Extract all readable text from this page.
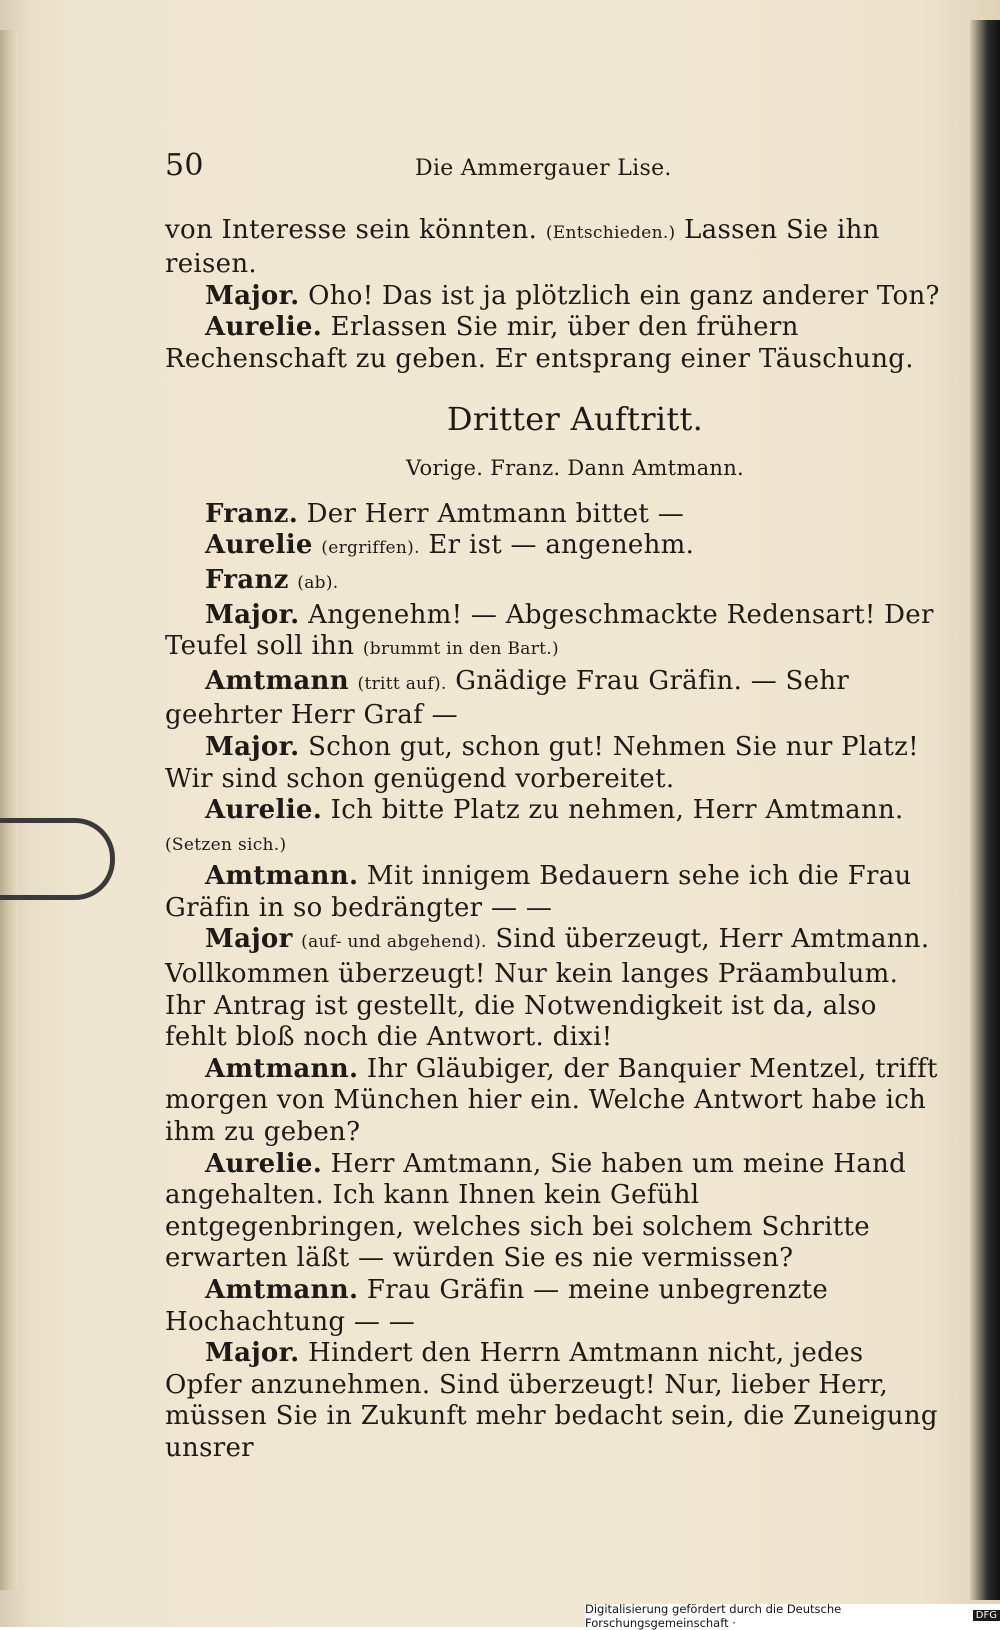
50	Die Ammergauer Lise.

von Interesse sein könnten. (Entschieden.) Lassen Sie ihn reisen.

Major. Oho! Das ist ja plötzlich ein ganz anderer Ton?

Aurelie. Erlassen Sie mir, über den frühern Rechenschaft zu geben. Er entsprang einer Täuschung.

Dritter Auftritt.
Vorige. Franz. Dann Amtmann.

Franz. Der Herr Amtmann bittet —

Aurelie (ergriffen). Er ist — angenehm.

Franz (ab).

Major. Angenehm! — Abgeschmackte Redensart! Der Teufel soll ihn (brummt in den Bart.)

Amtmann (tritt auf). Gnädige Frau Gräfin. — Sehr geehrter Herr Graf —

Major. Schon gut, schon gut! Nehmen Sie nur Platz! Wir sind schon genügend vorbereitet.

Aurelie. Ich bitte Platz zu nehmen, Herr Amtmann. (Setzen sich.)

Amtmann. Mit innigem Bedauern sehe ich die Frau Gräfin in so bedrängter — —

Major (auf- und abgehend). Sind überzeugt, Herr Amtmann. Vollkommen überzeugt! Nur kein langes Präambulum. Ihr Antrag ist gestellt, die Notwendigkeit ist da, also fehlt bloß noch die Antwort. dixi!

Amtmann. Ihr Gläubiger, der Banquier Mentzel, trifft morgen von München hier ein. Welche Antwort habe ich ihm zu geben?

Aurelie. Herr Amtmann, Sie haben um meine Hand angehalten. Ich kann Ihnen kein Gefühl entgegenbringen, welches sich bei solchem Schritte erwarten läßt — würden Sie es nie vermissen?

Amtmann. Frau Gräfin — meine unbegrenzte Hochachtung — —

Major. Hindert den Herrn Amtmann nicht, jedes Opfer anzunehmen. Sind überzeugt! Nur, lieber Herr, müssen Sie in Zukunft mehr bedacht sein, die Zuneigung unsrer

Digitalisierung gefördert durch die Deutsche Forschungsgemeinschaft ·	DFG
